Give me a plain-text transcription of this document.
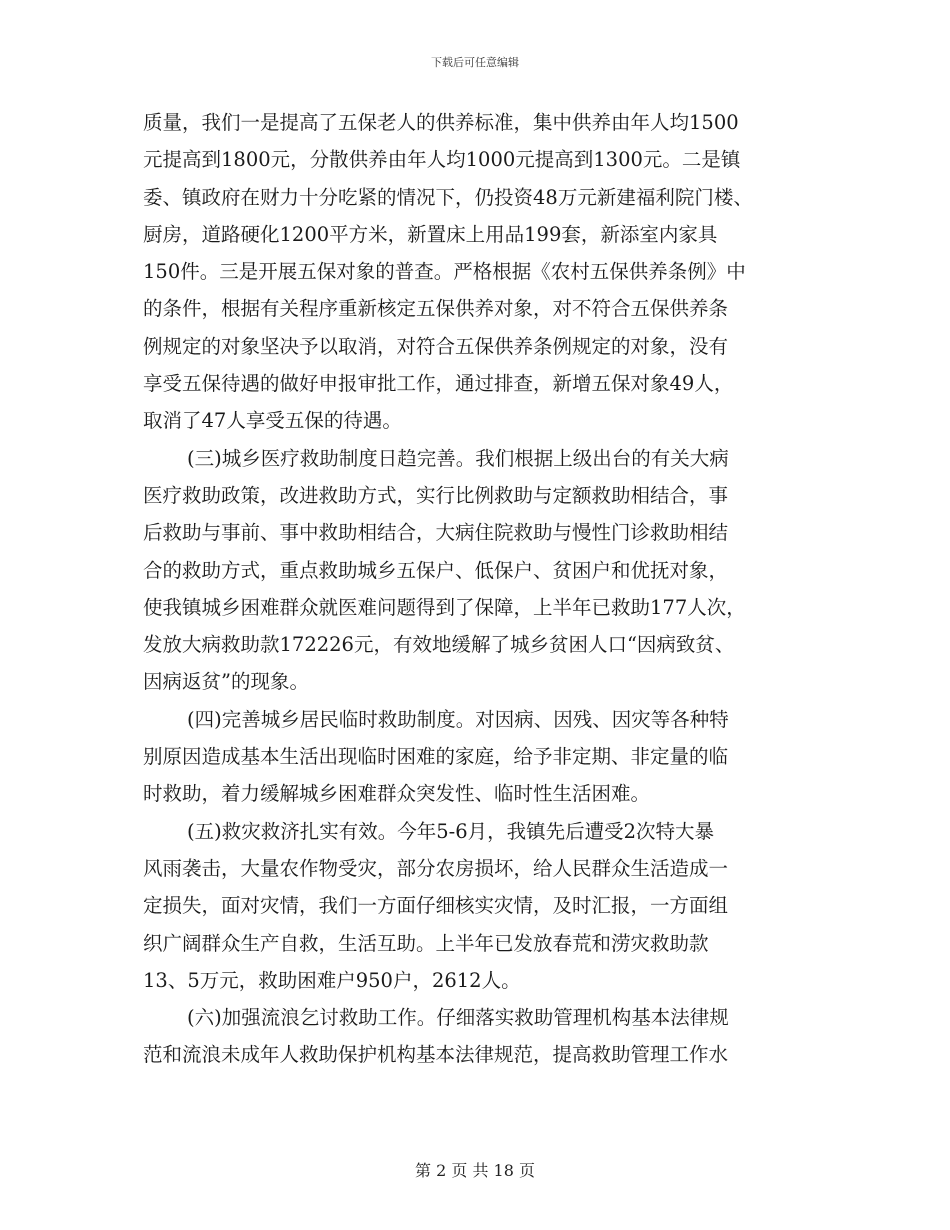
下载后可任意编辑
质量，我们一是提高了五保老人的供养标准，集中供养由年人均1500
元提高到1800元，分散供养由年人均1000元提高到1300元。二是镇
委、镇政府在财力十分吃紧的情况下，仍投资48万元新建福利院门楼、
厨房，道路硬化1200平方米，新置床上用品199套，新添室内家具
150件。三是开展五保对象的普查。严格根据《农村五保供养条例》中
的条件，根据有关程序重新核定五保供养对象，对不符合五保供养条
例规定的对象坚决予以取消，对符合五保供养条例规定的对象，没有
享受五保待遇的做好申报审批工作，通过排查，新增五保对象49人，
取消了47人享受五保的待遇。
(三)城乡医疗救助制度日趋完善。我们根据上级出台的有关大病
医疗救助政策，改进救助方式，实行比例救助与定额救助相结合，事
后救助与事前、事中救助相结合，大病住院救助与慢性门诊救助相结
合的救助方式，重点救助城乡五保户、低保户、贫困户和优抚对象，
使我镇城乡困难群众就医难问题得到了保障，上半年已救助177人次，
发放大病救助款172226元，有效地缓解了城乡贫困人口“因病致贫、
因病返贫”的现象。
(四)完善城乡居民临时救助制度。对因病、因残、因灾等各种特
别原因造成基本生活出现临时困难的家庭，给予非定期、非定量的临
时救助，着力缓解城乡困难群众突发性、临时性生活困难。
(五)救灾救济扎实有效。今年5-6月，我镇先后遭受2次特大暴
风雨袭击，大量农作物受灾，部分农房损坏，给人民群众生活造成一
定损失，面对灾情，我们一方面仔细核实灾情，及时汇报，一方面组
织广阔群众生产自救，生活互助。上半年已发放春荒和涝灾救助款
13、5万元，救助困难户950户，2612人。
(六)加强流浪乞讨救助工作。仔细落实救助管理机构基本法律规
范和流浪未成年人救助保护机构基本法律规范，提高救助管理工作水
第 2 页 共 18 页
